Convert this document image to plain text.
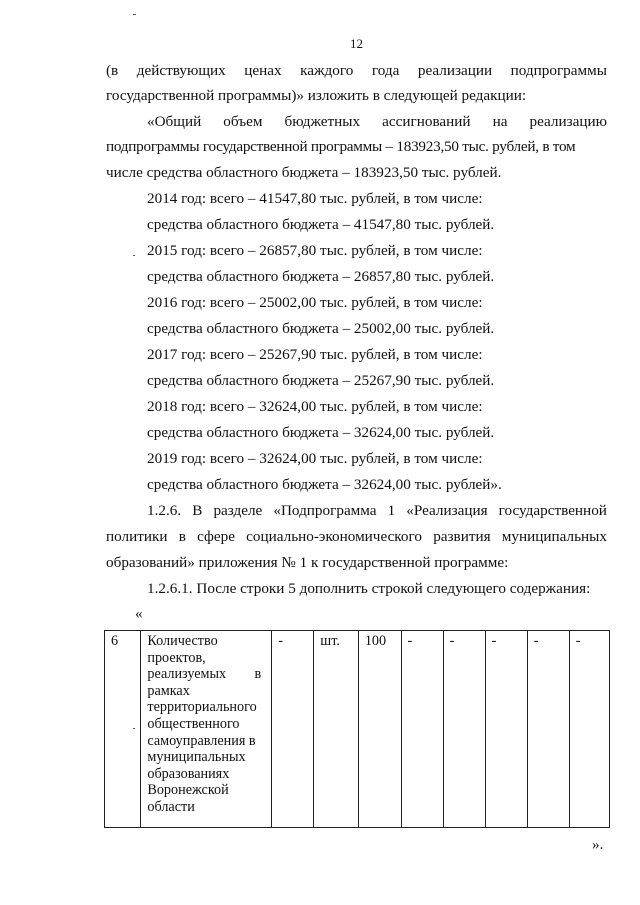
12
(в действующих ценах каждого года реализации подпрограммы
государственной программы)» изложить в следующей редакции:
«Общий объем бюджетных ассигнований на реализацию
подпрограммы государственной программы – 183923,50 тыс. рублей, в том
числе средства областного бюджета – 183923,50 тыс. рублей.
2014 год: всего – 41547,80 тыс. рублей, в том числе:
средства областного бюджета – 41547,80 тыс. рублей.
2015 год: всего – 26857,80 тыс. рублей, в том числе:
средства областного бюджета – 26857,80 тыс. рублей.
2016 год: всего – 25002,00 тыс. рублей, в том числе:
средства областного бюджета – 25002,00 тыс. рублей.
2017 год: всего – 25267,90 тыс. рублей, в том числе:
средства областного бюджета – 25267,90 тыс. рублей.
2018 год: всего – 32624,00 тыс. рублей, в том числе:
средства областного бюджета – 32624,00 тыс. рублей.
2019 год: всего – 32624,00 тыс. рублей, в том числе:
средства областного бюджета – 32624,00 тыс. рублей».
1.2.6. В разделе «Подпрограмма 1 «Реализация государственной
политики в сфере социально-экономического развития муниципальных
образований» приложения № 1 к государственной программе:
1.2.6.1. После строки 5 дополнить строкой следующего содержания:
«
6	Количество
проектов,
реализуемых        в
рамках
территориального
общественного
самоуправления в
муниципальных
образованиях
Воронежской
области
	-	шт.	100	-	-	-	-	-
».
